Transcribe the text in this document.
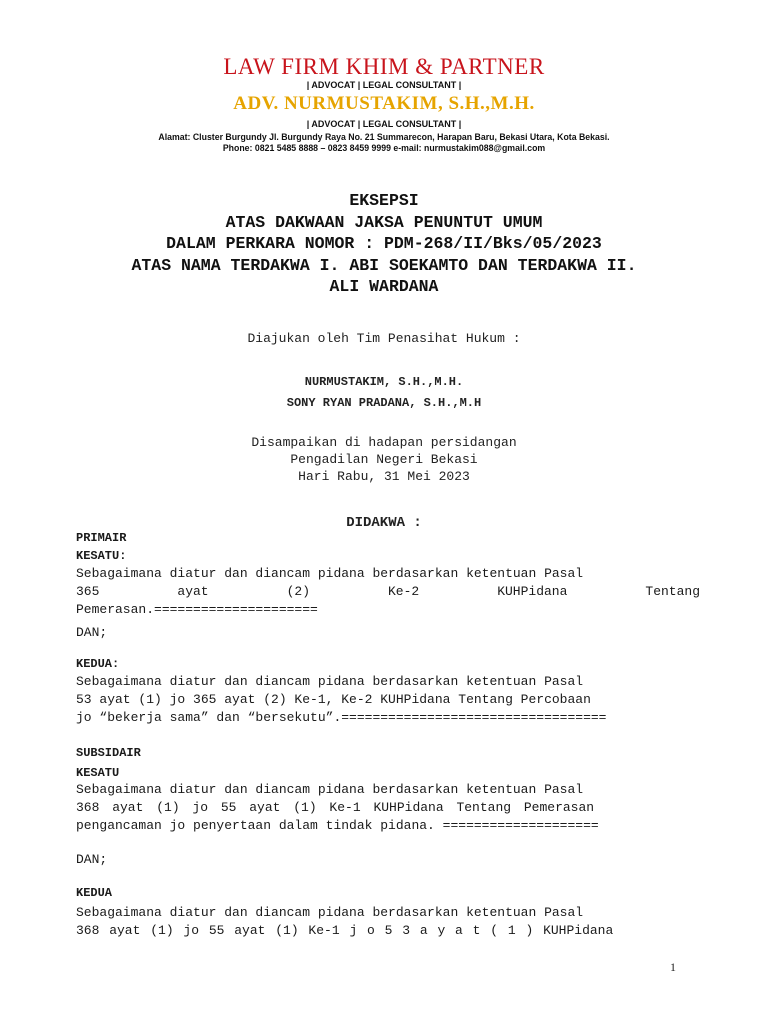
LAW FIRM KHIM & PARTNER
| ADVOCAT | LEGAL CONSULTANT |
ADV. NURMUSTAKIM, S.H.,M.H.
| ADVOCAT | LEGAL CONSULTANT |
Alamat: Cluster Burgundy Jl. Burgundy Raya No. 21 Summarecon, Harapan Baru, Bekasi Utara, Kota Bekasi.
Phone: 0821 5485 8888 – 0823 8459 9999 e-mail: nurmustakim088@gmail.com
EKSEPSI
ATAS DAKWAAN JAKSA PENUNTUT UMUM
DALAM PERKARA NOMOR : PDM-268/II/Bks/05/2023
ATAS NAMA TERDAKWA I. ABI SOEKAMTO DAN TERDAKWA II.
ALI WARDANA
Diajukan oleh Tim Penasihat Hukum :
NURMUSTAKIM, S.H.,M.H.
SONY RYAN PRADANA, S.H.,M.H
Disampaikan di hadapan persidangan
Pengadilan Negeri Bekasi
Hari Rabu, 31 Mei 2023
DIDAKWA :
PRIMAIR
KESATU:
Sebagaimana diatur dan diancam pidana berdasarkan ketentuan Pasal
365	ayat	(2)	Ke-2	KUHPidana	Tentang
Pemerasan.=====================
DAN;
KEDUA:
Sebagaimana diatur dan diancam pidana berdasarkan ketentuan Pasal
53 ayat (1) jo 365 ayat (2) Ke-1, Ke-2 KUHPidana Tentang Percobaan
jo “bekerja sama” dan “bersekutu”.==================================
SUBSIDAIR
KESATU
Sebagaimana diatur dan diancam pidana berdasarkan ketentuan Pasal
368 ayat (1) jo 55 ayat (1) Ke-1 KUHPidana Tentang Pemerasan
pengancaman jo penyertaan dalam tindak pidana. ====================
DAN;
KEDUA
Sebagaimana diatur dan diancam pidana berdasarkan ketentuan Pasal
368 ayat (1) jo 55 ayat (1) Ke-1 j o 5 3 a y a t ( 1 ) KUHPidana
1
